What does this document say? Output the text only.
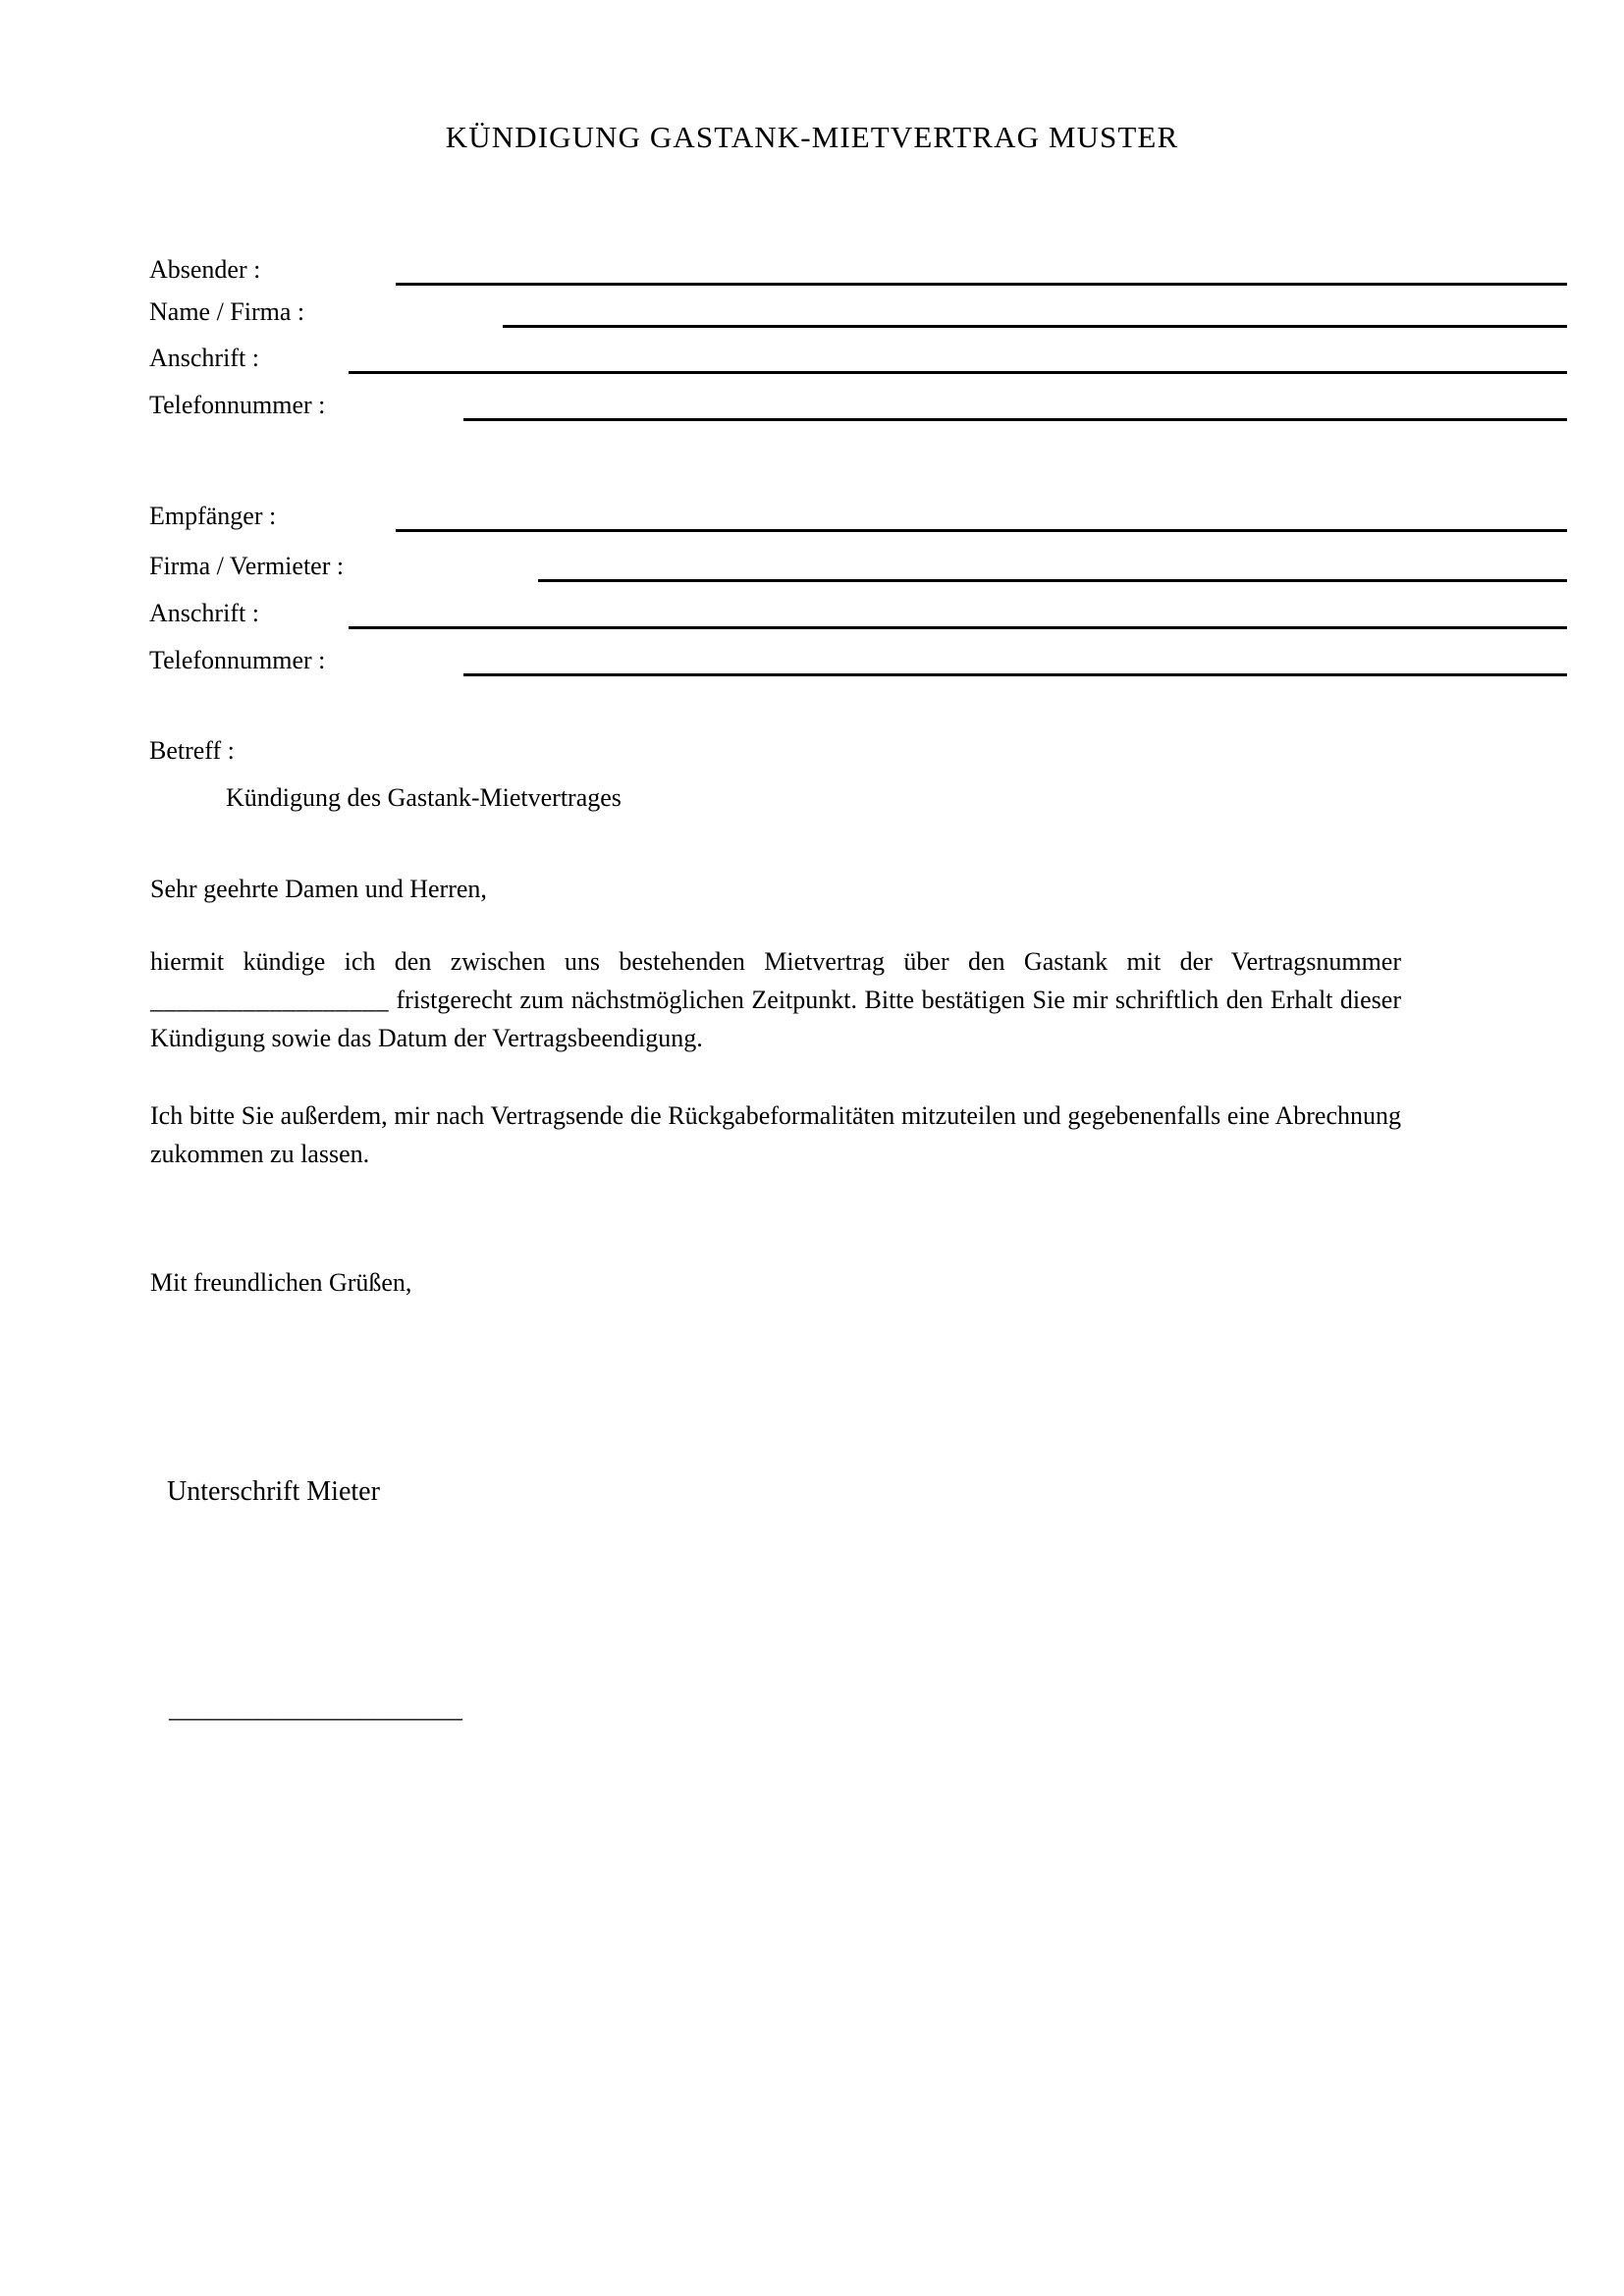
KÜNDIGUNG GASTANK-MIETVERTRAG MUSTER
Absender :
Name / Firma :
Anschrift :
Telefonnummer :
Empfänger :
Firma / Vermieter :
Anschrift :
Telefonnummer :
Betreff :
Kündigung des Gastank-Mietvertrages
Sehr geehrte Damen und Herren,
hiermit kündige ich den zwischen uns bestehenden Mietvertrag über den Gastank mit der Vertragsnummer __________________ fristgerecht zum nächstmöglichen Zeitpunkt. Bitte bestätigen Sie mir schriftlich den Erhalt dieser Kündigung sowie das Datum der Vertragsbeendigung.
Ich bitte Sie außerdem, mir nach Vertragsende die Rückgabeformalitäten mitzuteilen und gegebenenfalls eine Abrechnung zukommen zu lassen.
Mit freundlichen Grüßen,
Unterschrift Mieter
_______________________
